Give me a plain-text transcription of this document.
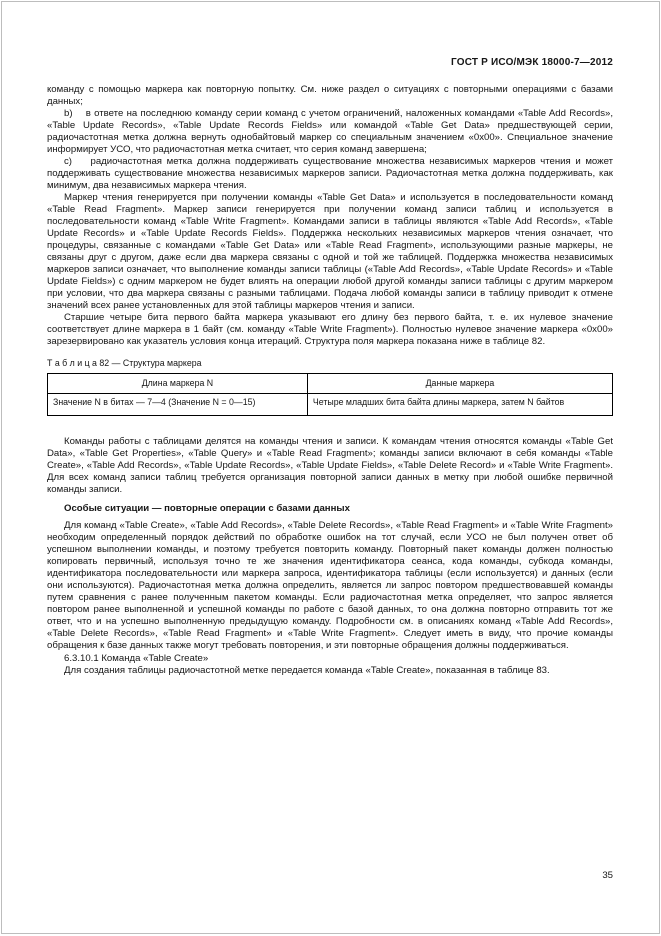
ГОСТ Р ИСО/МЭК 18000-7—2012

команду с помощью маркера как повторную попытку. См. ниже раздел о ситуациях с повторными операциями с базами данных;

b)    в ответе на последнюю команду серии команд с учетом ограничений, наложенных командами «Table Add Records», «Table Update Records», «Table Update Records Fields» или командой «Table Get Data» предшествующей серии, радиочастотная метка должна вернуть однобайтовый маркер со специальным значением «0x00». Специальное значение информирует УСО, что радиочастотная метка считает, что серия команд завершена;

c)    радиочастотная метка должна поддерживать существование множества независимых маркеров чтения и может поддерживать существование множества независимых маркеров записи. Радиочастотная метка должна поддерживать, как минимум, два независимых маркера чтения.

Маркер чтения генерируется при получении команды «Table Get Data» и используется в последовательности команд «Table Read Fragment». Маркер записи генерируется при получении команд записи таблиц и используется в последовательности команд «Table Write Fragment». Командами записи в таблицы являются «Table Add Records», «Table Update Records» и «Table Update Records Fields». Поддержка нескольких независимых маркеров чтения означает, что процедуры, связанные с командами «Table Get Data» или «Table Read Fragment», использующими разные маркеры, не связаны друг с другом, даже если два маркера связаны с одной и той же таблицей. Поддержка множества независимых маркеров записи означает, что выполнение команды записи таблицы («Table Add Records», «Table Update Records» и «Table Update Fields») с одним маркером не будет влиять на операции любой другой команды записи таблицы с другим маркером при условии, что два маркера связаны с разными таблицами. Подача любой команды записи в таблицу приводит к отмене значений всех ранее установленных для этой таблицы маркеров чтения и записи.

Старшие четыре бита первого байта маркера указывают его длину без первого байта, т. е. их нулевое значение соответствует длине маркера в 1 байт (см. команду «Table Write Fragment»). Полностью нулевое значение маркера «0x00» зарезервировано как указатель условия конца итераций. Структура поля маркера показана ниже в таблице 82.

Т а б л и ц а 82 — Структура маркера

Длина маркера N	Данные маркера
Значение N в битах — 7—4 (Значение N = 0—15)	Четыре младших бита байта длины маркера, затем N байтов

Команды работы с таблицами делятся на команды чтения и записи. К командам чтения относятся команды «Table Get Data», «Table Get Properties», «Table Query» и «Table Read Fragment»; команды записи включают в себя команды «Table Create», «Table Add Records», «Table Update Records», «Table Update Fields», «Table Delete Record» и «Table Write Fragment». Для всех команд записи таблиц требуется организация повторной записи данных в метку при любой ошибке первичной команды записи.

Особые ситуации — повторные операции с базами данных

Для команд «Table Create», «Table Add Records», «Table Delete Records», «Table Read Fragment» и «Table Write Fragment» необходим определенный порядок действий по обработке ошибок на тот случай, если УСО не был получен ответ об успешном выполнении команды, и поэтому требуется повторить команду. Повторный пакет команды должен полностью копировать первичный, используя точно те же значения идентификатора сеанса, кода команды, субкода команды, идентификатора последовательности или маркера запроса, идентификатора таблицы (если используется) и данных (если они используются). Радиочастотная метка должна определить, является ли запрос повтором предшествовавшей команды путем сравнения с ранее полученным пакетом команды. Если радиочастотная метка определяет, что запрос является повтором ранее выполненной и успешной команды по работе с базой данных, то она должна повторно отправить тот же ответ, что и на успешно выполненную предыдущую команду. Подробности см. в описаниях команд «Table Add Records», «Table Delete Records», «Table Read Fragment» и «Table Write Fragment». Следует иметь в виду, что прочие команды обращения к базе данных также могут требовать повторения, и эти повторные обращения должны поддерживаться.

6.3.10.1 Команда «Table Create»

Для создания таблицы радиочастотной метке передается команда «Table Create», показанная в таблице 83.

35
